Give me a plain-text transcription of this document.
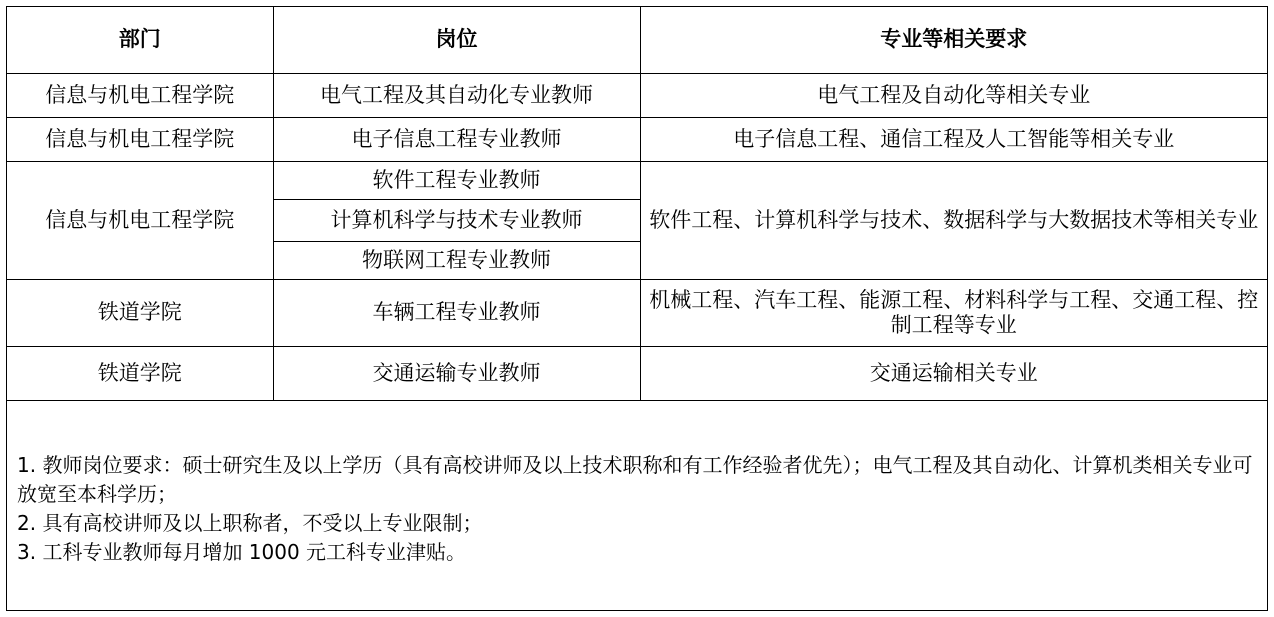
部门	岗位	专业等相关要求
信息与机电工程学院	电气工程及其自动化专业教师	电气工程及自动化等相关专业
信息与机电工程学院	电子信息工程专业教师	电子信息工程、通信工程及人工智能等相关专业
信息与机电工程学院	软件工程专业教师	软件工程、计算机科学与技术、数据科学与大数据技术等相关专业
	计算机科学与技术专业教师	
	物联网工程专业教师	
铁道学院	车辆工程专业教师	机械工程、汽车工程、能源工程、材料科学与工程、交通工程、控制工程等专业
铁道学院	交通运输专业教师	交通运输相关专业

1. 教师岗位要求：硕士研究生及以上学历（具有高校讲师及以上技术职称和有工作经验者优先）；电气工程及其自动化、计算机类相关专业可放宽至本科学历；

2. 具有高校讲师及以上职称者，不受以上专业限制；

3. 工科专业教师每月增加 1000 元工科专业津贴。
